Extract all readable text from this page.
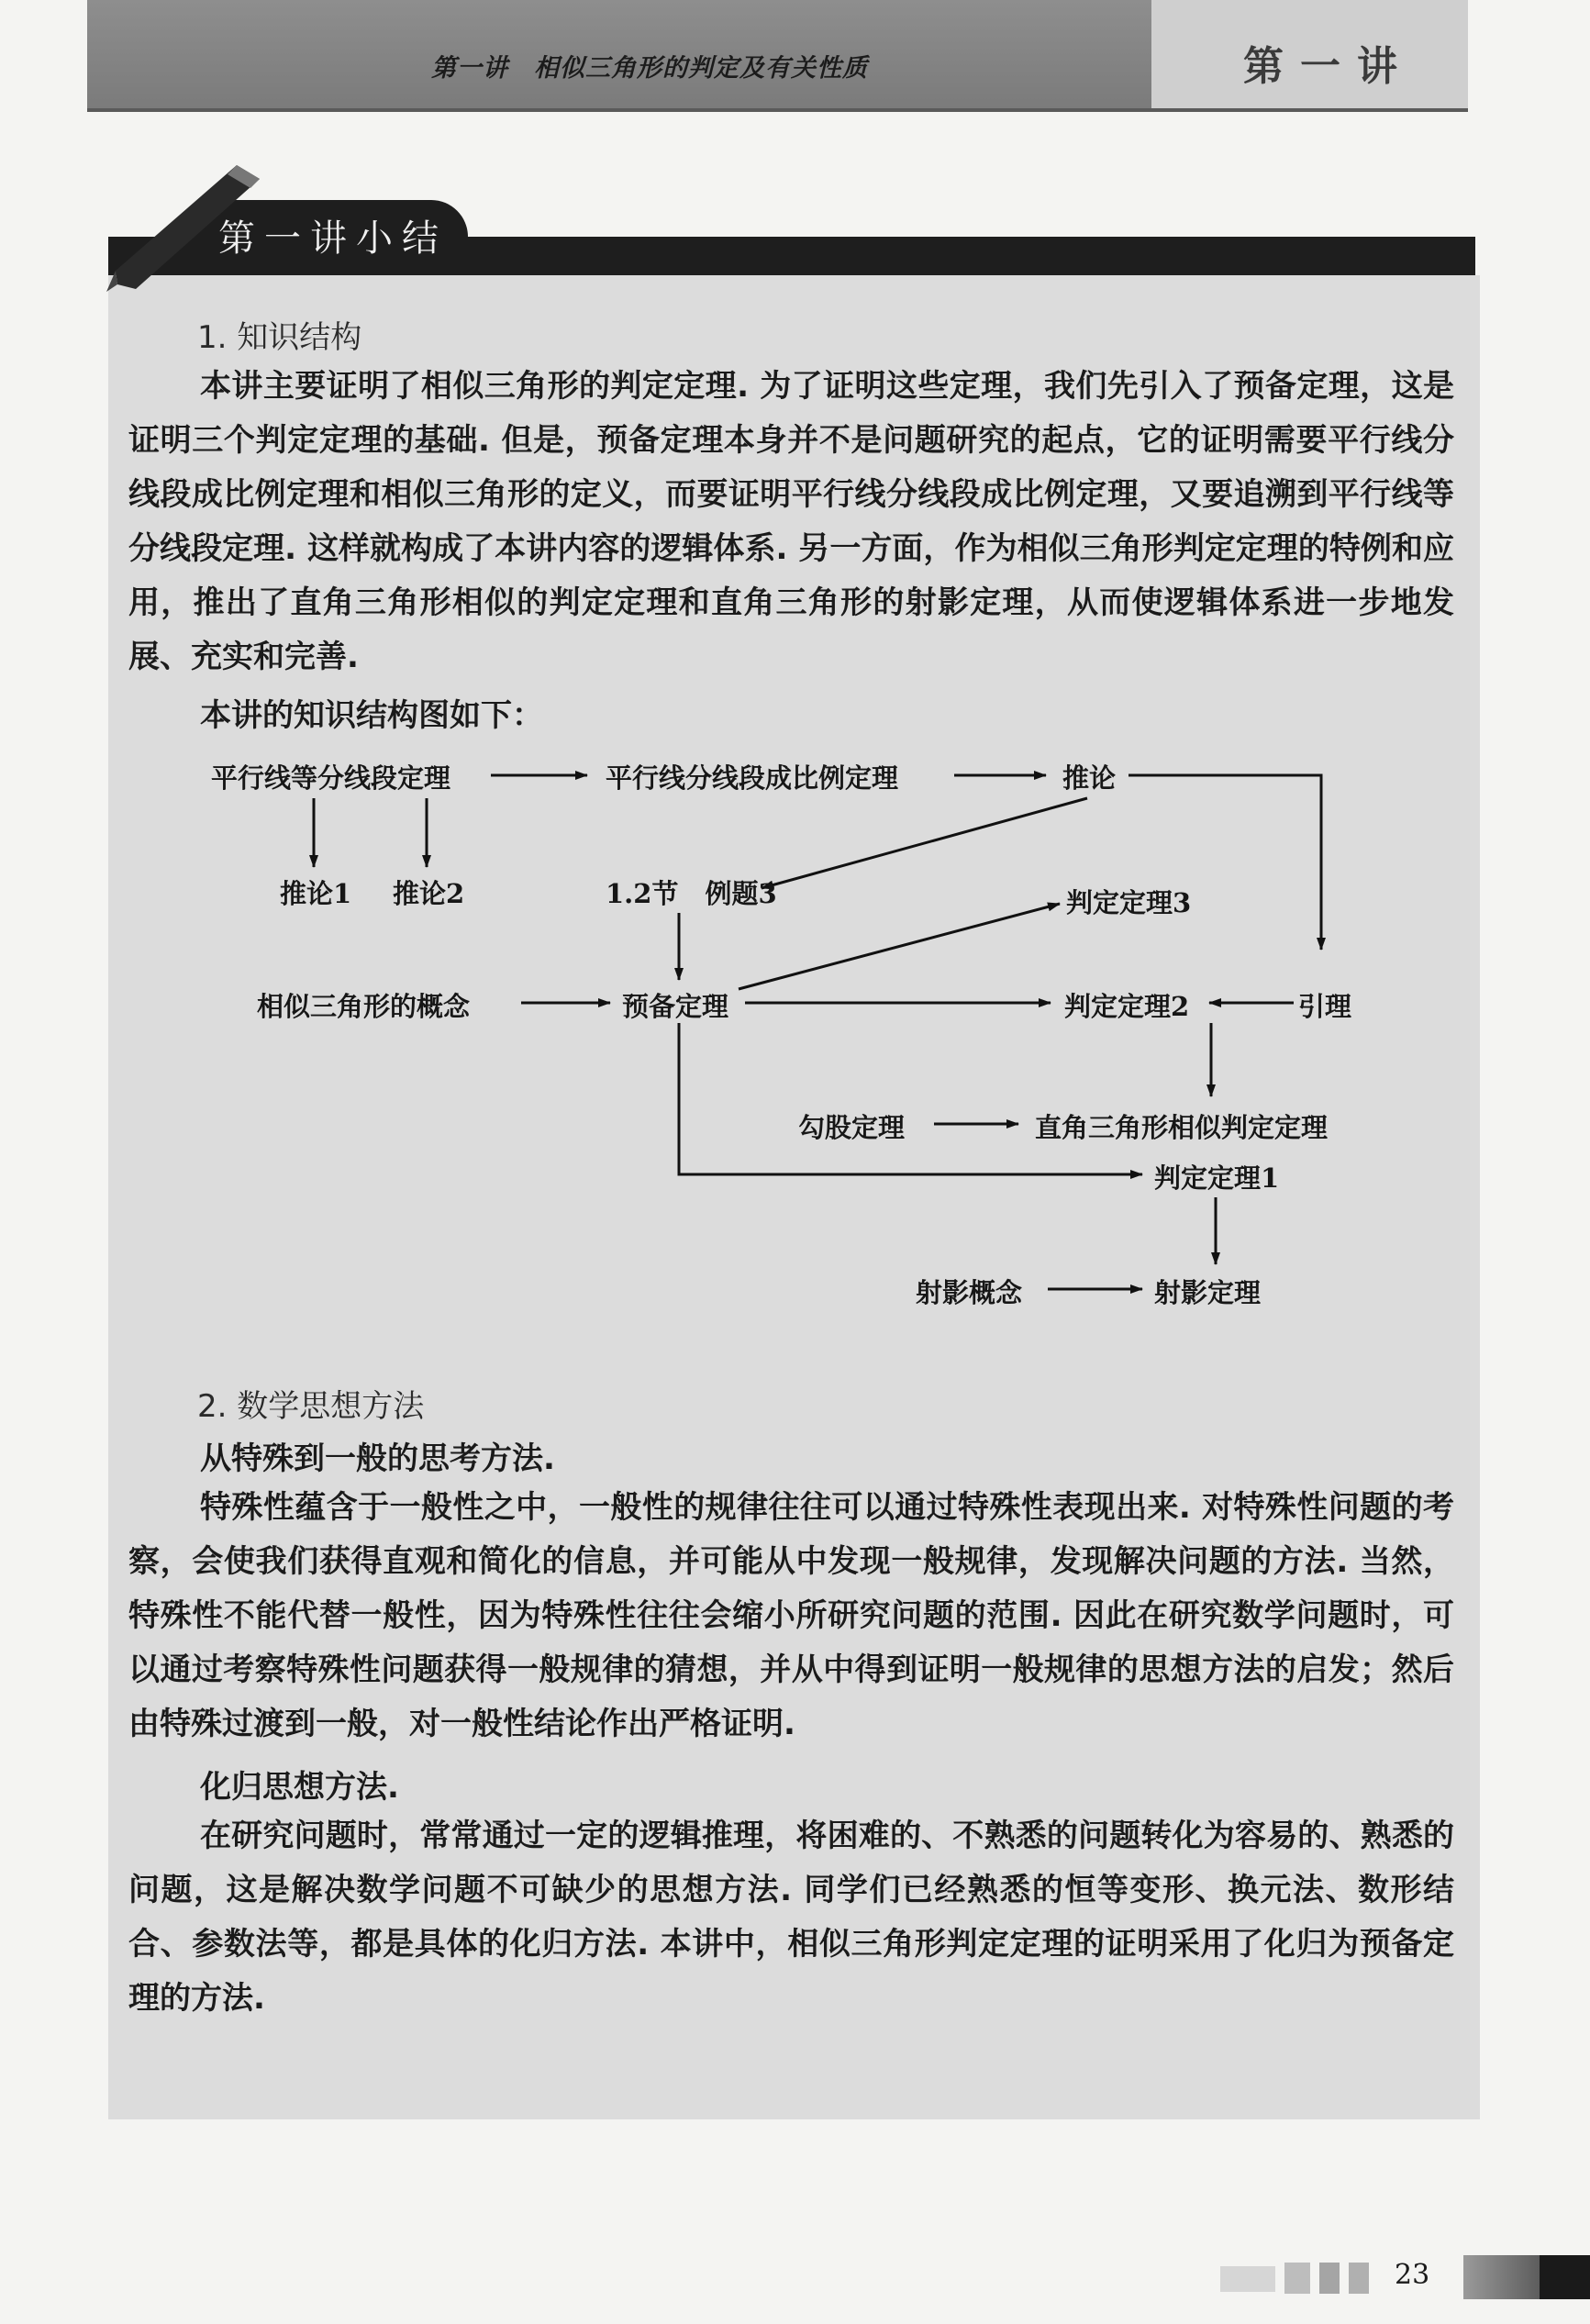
第一讲　相似三角形的判定及有关性质	第一讲
第一讲小结
1. 知识结构

本讲主要证明了相似三角形的判定定理. 为了证明这些定理，我们先引入了预备定理，这是证明三个判定定理的基础. 但是，预备定理本身并不是问题研究的起点，它的证明需要平行线分线段成比例定理和相似三角形的定义，而要证明平行线分线段成比例定理，又要追溯到平行线等分线段定理. 这样就构成了本讲内容的逻辑体系. 另一方面，作为相似三角形判定定理的特例和应用，推出了直角三角形相似的判定定理和直角三角形的射影定理，从而使逻辑体系进一步地发展、充实和完善.

本讲的知识结构图如下：
平行线等分线段定理	平行线分线段成比例定理	推论
推论1 推论2	1.2节　例题3	判定定理3
相似三角形的概念	预备定理	判定定理2	引理
勾股定理	直角三角形相似判定定理
判定定理1
射影概念	射影定理
2. 数学思想方法
从特殊到一般的思考方法.

特殊性蕴含于一般性之中，一般性的规律往往可以通过特殊性表现出来. 对特殊性问题的考察，会使我们获得直观和简化的信息，并可能从中发现一般规律，发现解决问题的方法. 当然，特殊性不能代替一般性，因为特殊性往往会缩小所研究问题的范围. 因此在研究数学问题时，可以通过考察特殊性问题获得一般规律的猜想，并从中得到证明一般规律的思想方法的启发；然后由特殊过渡到一般，对一般性结论作出严格证明.

化归思想方法.

在研究问题时，常常通过一定的逻辑推理，将困难的、不熟悉的问题转化为容易的、熟悉的问题，这是解决数学问题不可缺少的思想方法. 同学们已经熟悉的恒等变形、换元法、数形结合、参数法等，都是具体的化归方法. 本讲中，相似三角形判定定理的证明采用了化归为预备定理的方法.

23
